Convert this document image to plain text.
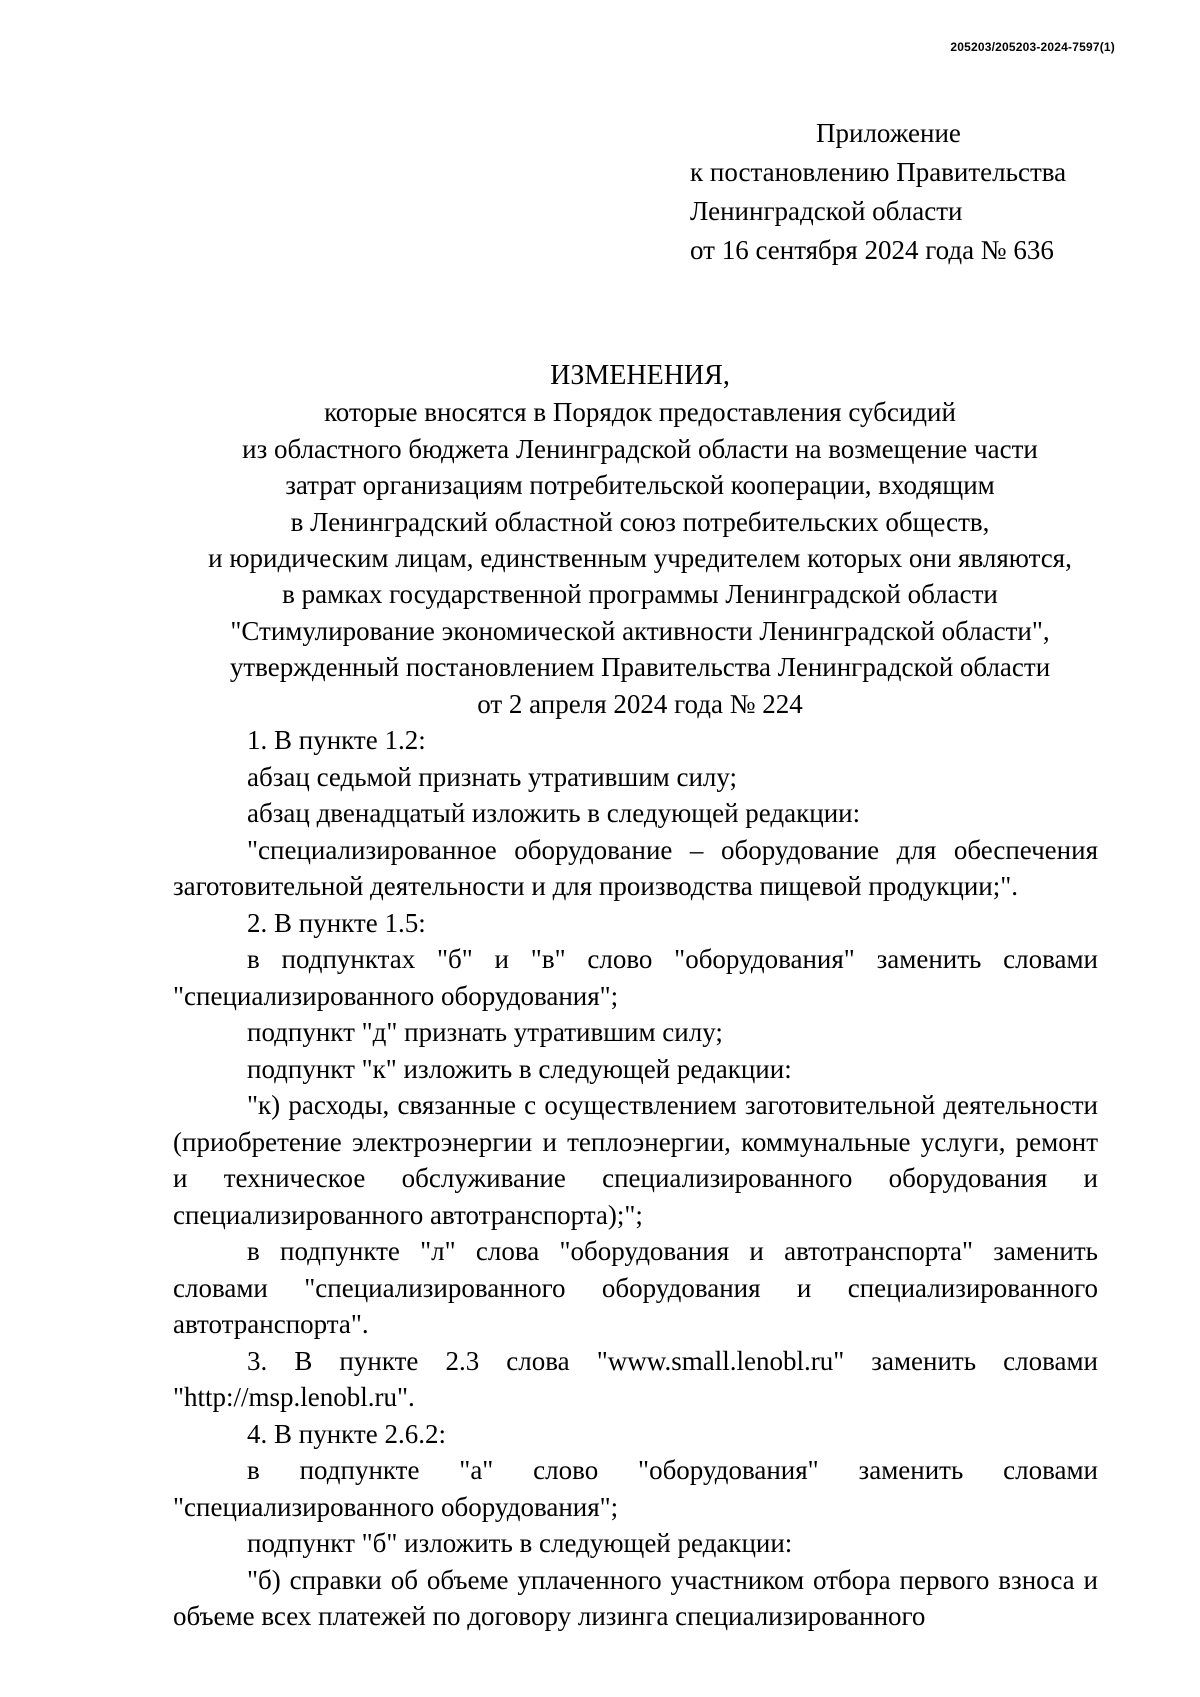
205203/205203-2024-7597(1)
Приложение
к постановлению Правительства
Ленинградской области
от 16 сентября 2024 года № 636
ИЗМЕНЕНИЯ,
которые вносятся в Порядок предоставления субсидий
из областного бюджета Ленинградской области на возмещение части
затрат организациям потребительской кооперации, входящим
в Ленинградский областной союз потребительских обществ,
и юридическим лицам, единственным учредителем которых они являются,
в рамках государственной программы Ленинградской области
"Стимулирование экономической активности Ленинградской области",
утвержденный постановлением Правительства Ленинградской области
от 2 апреля 2024 года № 224

1. В пункте 1.2:

абзац седьмой признать утратившим силу;

абзац двенадцатый изложить в следующей редакции:

"специализированное оборудование – оборудование для обеспечения заготовительной деятельности и для производства пищевой продукции;".

2. В пункте 1.5:

в подпунктах "б" и "в" слово "оборудования" заменить словами "специализированного оборудования";

подпункт "д" признать утратившим силу;

подпункт "к" изложить в следующей редакции:

"к) расходы, связанные с осуществлением заготовительной деятельности (приобретение электроэнергии и теплоэнергии, коммунальные услуги, ремонт и техническое обслуживание специализированного оборудования и специализированного автотранспорта);";

в подпункте "л" слова "оборудования и автотранспорта" заменить словами "специализированного оборудования и специализированного автотранспорта".

3. В пункте 2.3 слова "www.small.lenobl.ru" заменить словами "http://msp.lenobl.ru".

4. В пункте 2.6.2:

в подпункте "а" слово "оборудования" заменить словами "специализированного оборудования";

подпункт "б" изложить в следующей редакции:

"б) справки об объеме уплаченного участником отбора первого взноса и объеме всех платежей по договору лизинга специализированного
